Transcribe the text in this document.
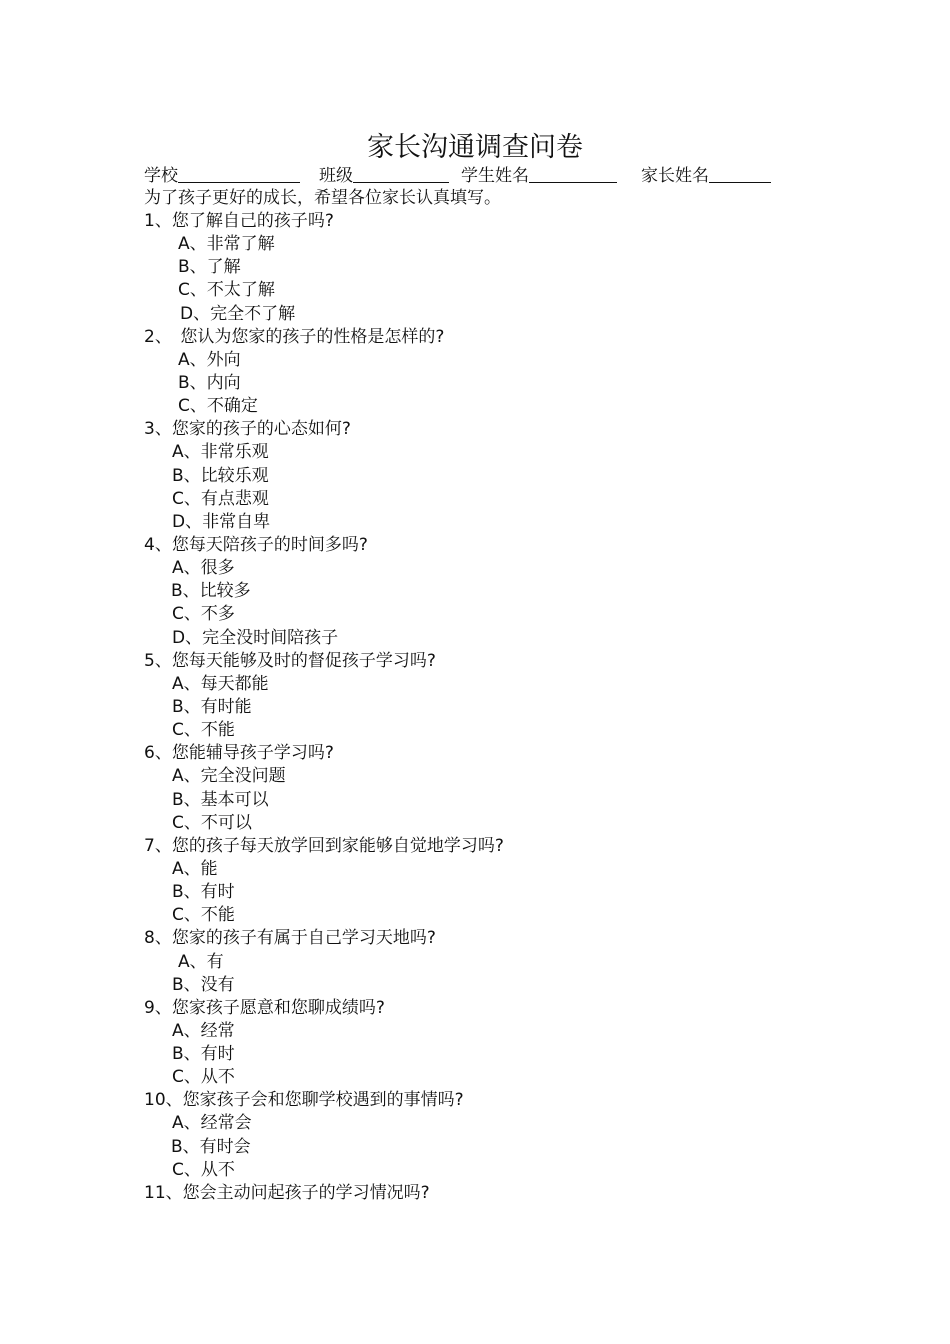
家长沟通调查问卷
学校	班级	学生姓名	家长姓名
为了孩子更好的成长，希望各位家长认真填写。
1、您了解自己的孩子吗?
A、非常了解
B、了解
C、不太了解
D、完全不了解
2、　您认为您家的孩子的性格是怎样的?
A、外向
B、内向
C、不确定
3、您家的孩子的心态如何?
A、非常乐观
B、比较乐观
C、有点悲观
D、非常自卑
4、您每天陪孩子的时间多吗?
A、很多
B、比较多
C、不多
D、完全没时间陪孩子
5、您每天能够及时的督促孩子学习吗?
A、每天都能
B、有时能
C、不能
6、您能辅导孩子学习吗?
A、完全没问题
B、基本可以
C、不可以
7、您的孩子每天放学回到家能够自觉地学习吗?
A、能
B、有时
C、不能
8、您家的孩子有属于自己学习天地吗?
A、有
B、没有
9、您家孩子愿意和您聊成绩吗?
A、经常
B、有时
C、从不
10、您家孩子会和您聊学校遇到的事情吗?
A、经常会
B、有时会
C、从不
11、您会主动问起孩子的学习情况吗?
